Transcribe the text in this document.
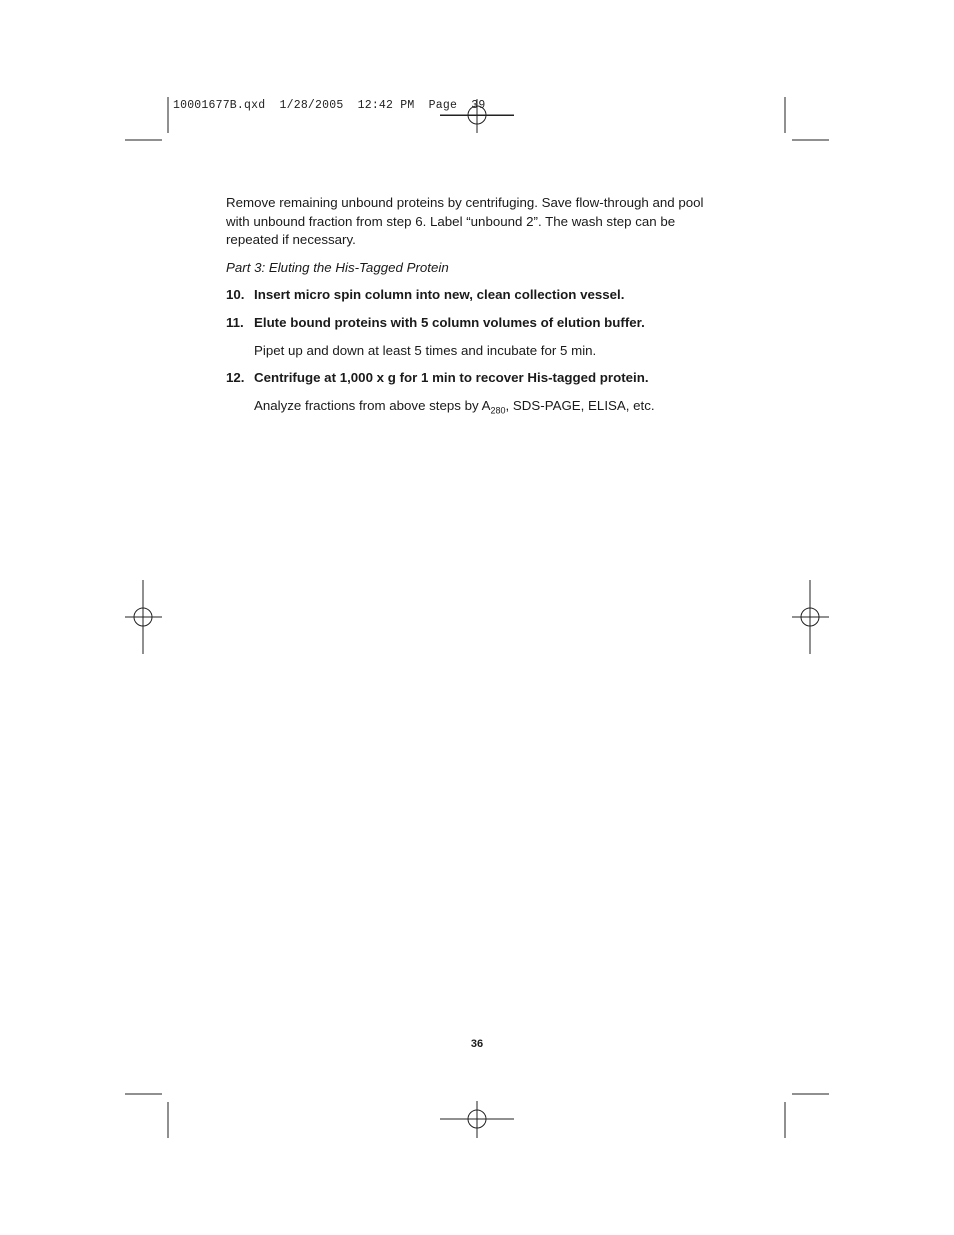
10001677B.qxd  1/28/2005  12:42 PM  Page  39

Remove remaining unbound proteins by centrifuging. Save flow-through and pool with unbound fraction from step 6. Label “unbound 2”. The wash step can be repeated if necessary.

Part 3: Eluting the His-Tagged Protein

10. Insert micro spin column into new, clean collection vessel.
11. Elute bound proteins with 5 column volumes of elution buffer.

Pipet up and down at least 5 times and incubate for 5 min.

12. Centrifuge at 1,000 x g for 1 min to recover His-tagged protein.

Analyze fractions from above steps by $A_{280}$, SDS-PAGE, ELISA, etc.

36
